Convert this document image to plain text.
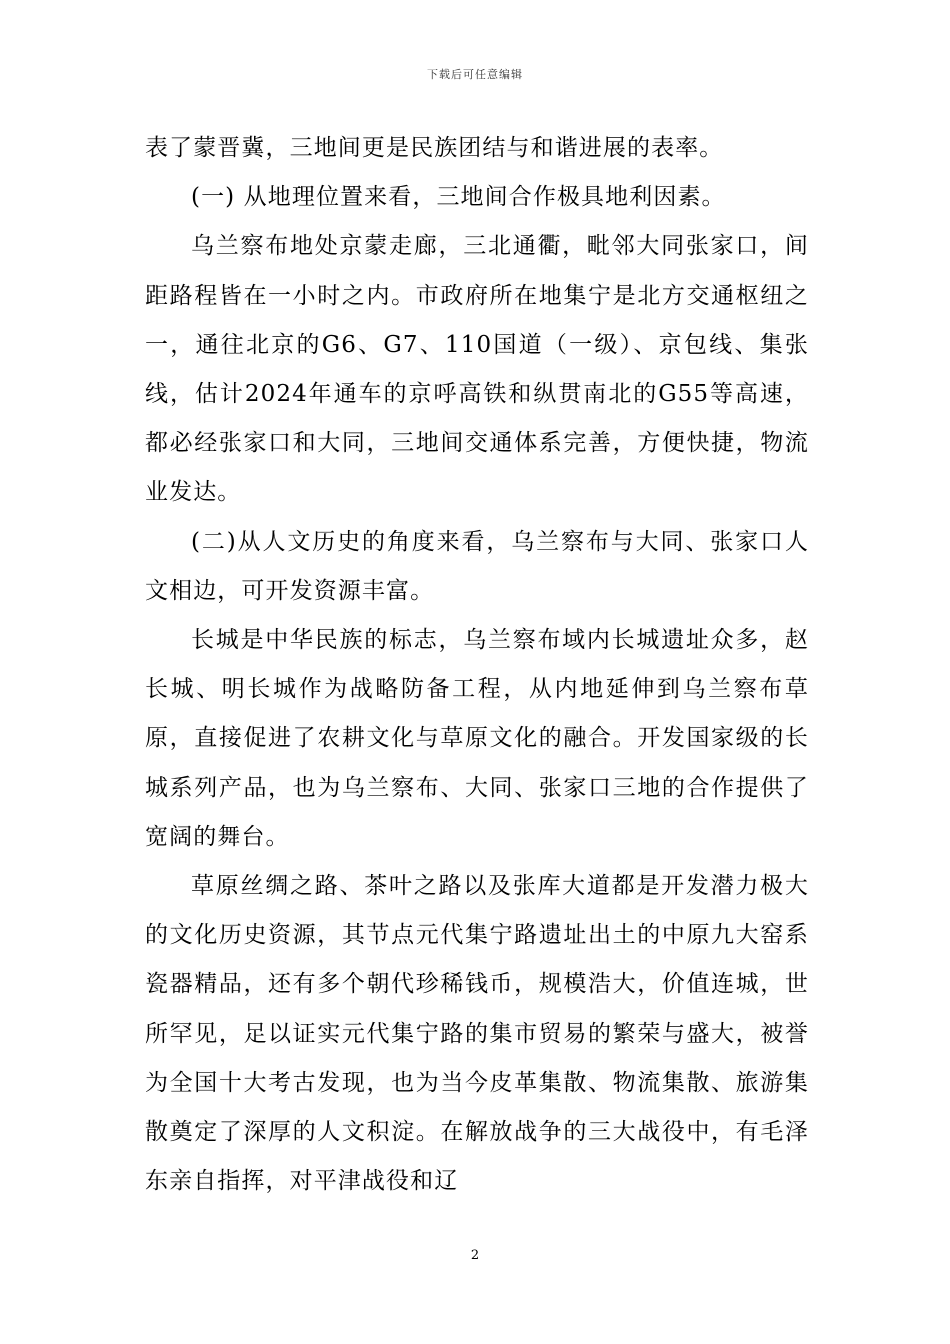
下载后可任意编辑

表了蒙晋冀，三地间更是民族团结与和谐进展的表率。

(一) 从地理位置来看，三地间合作极具地利因素。

乌兰察布地处京蒙走廊，三北通衢，毗邻大同张家口，间距路程皆在一小时之内。市政府所在地集宁是北方交通枢纽之一，通往北京的G6、G7、110国道（一级）、京包线、集张线，估计2024年通车的京呼高铁和纵贯南北的G55等高速，都必经张家口和大同，三地间交通体系完善，方便快捷，物流业发达。

(二)从人文历史的角度来看，乌兰察布与大同、张家口人文相边，可开发资源丰富。

长城是中华民族的标志，乌兰察布域内长城遗址众多，赵长城、明长城作为战略防备工程，从内地延伸到乌兰察布草原，直接促进了农耕文化与草原文化的融合。开发国家级的长城系列产品，也为乌兰察布、大同、张家口三地的合作提供了宽阔的舞台。

草原丝绸之路、茶叶之路以及张库大道都是开发潜力极大的文化历史资源，其节点元代集宁路遗址出土的中原九大窑系瓷器精品，还有多个朝代珍稀钱币，规模浩大，价值连城，世所罕见，足以证实元代集宁路的集市贸易的繁荣与盛大，被誉为全国十大考古发现，也为当今皮革集散、物流集散、旅游集散奠定了深厚的人文积淀。在解放战争的三大战役中，有毛泽东亲自指挥，对平津战役和辽

2
